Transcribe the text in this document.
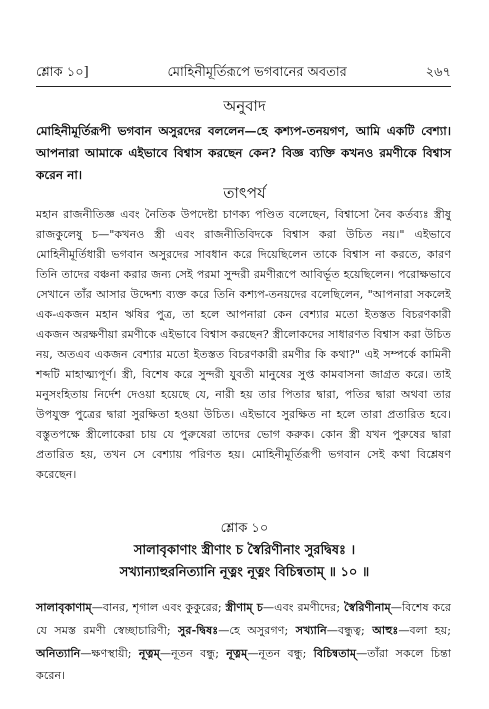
শ্লোক ১০]	মোহিনীমূর্তিরূপে ভগবানের অবতার	২৬৭
অনুবাদ

মোহিনীমূর্তিরূপী ভগবান অসুরদের বললেন—হে কশ্যপ-তনয়গণ, আমি একটি বেশ্যা। আপনারা আমাকে এইভাবে বিশ্বাস করছেন কেন? বিজ্ঞ ব্যক্তি কখনও রমণীকে বিশ্বাস করেন না।

তাৎপর্য

মহান রাজনীতিজ্ঞ এবং নৈতিক উপদেষ্টা চাণক্য পণ্ডিত বলেছেন, বিশ্বাসো নৈব কর্তব্যঃ স্ত্রীষু রাজকুলেষু চ—"কখনও স্ত্রী এবং রাজনীতিবিদকে বিশ্বাস করা উচিত নয়।" এইভাবে মোহিনীমূর্তিধারী ভগবান অসুরদের সাবধান করে দিয়েছিলেন তাকে বিশ্বাস না করতে, কারণ তিনি তাদের বঞ্চনা করার জন্য সেই পরমা সুন্দরী রমণীরূপে আবির্ভূত হয়েছিলেন। পরোক্ষভাবে সেখানে তাঁর আসার উদ্দেশ্য ব্যক্ত করে তিনি কশ্যপ-তনয়দের বলেছিলেন, "আপনারা সকলেই এক-একজন মহান ঋষির পুত্র, তা হলে আপনারা কেন বেশ্যার মতো ইতস্তত বিচরণকারী একজন অরক্ষণীয়া রমণীকে এইভাবে বিশ্বাস করছেন? স্ত্রীলোকদের সাধারণত বিশ্বাস করা উচিত নয়, অতএব একজন বেশ্যার মতো ইতস্তত বিচরণকারী রমণীর কি কথা?" এই সম্পর্কে কামিনী শব্দটি মাহাত্ম্যপূর্ণ। স্ত্রী, বিশেষ করে সুন্দরী যুবতী মানুষের সুপ্ত কামবাসনা জাগ্রত করে। তাই মনুসংহিতায় নির্দেশ দেওয়া হয়েছে যে, নারী হয় তার পিতার দ্বারা, পতির দ্বারা অথবা তার উপযুক্ত পুত্রের দ্বারা সুরক্ষিতা হওয়া উচিত। এইভাবে সুরক্ষিত না হলে তারা প্রতারিত হবে। বস্তুতপক্ষে স্ত্রীলোকেরা চায় যে পুরুষেরা তাদের ভোগ করুক। কোন স্ত্রী যখন পুরুষের দ্বারা প্রতারিত হয়, তখন সে বেশ্যায় পরিণত হয়। মোহিনীমূর্তিরূপী ভগবান সেই কথা বিশ্লেষণ করেছেন।

শ্লোক ১০
সালাবৃকাণাং স্ত্রীণাং চ স্বৈরিণীনাং সুরদ্বিষঃ ।
সখ্যান্যাহুরনিত্যানি নূত্নং নূত্নং বিচিন্বতাম্ ॥ ১০ ॥
সালাবৃকাণাম্—বানর, শৃগাল এবং কুকুরের; স্ত্রীণাম্ চ—এবং রমণীদের; স্বৈরিণীনাম্—বিশেষ করে যে সমস্ত রমণী স্বেচ্ছাচারিণী; সুর-দ্বিষঃ—হে অসুরগণ; সখ্যানি—বন্ধুত্ব; আহুঃ—বলা হয়; অনিত্যানি—ক্ষণস্থায়ী; নূত্নম্—নূতন বন্ধু; নূত্নম্—নূতন বন্ধু; বিচিন্বতাম্—তাঁরা সকলে চিন্তা করেন।
